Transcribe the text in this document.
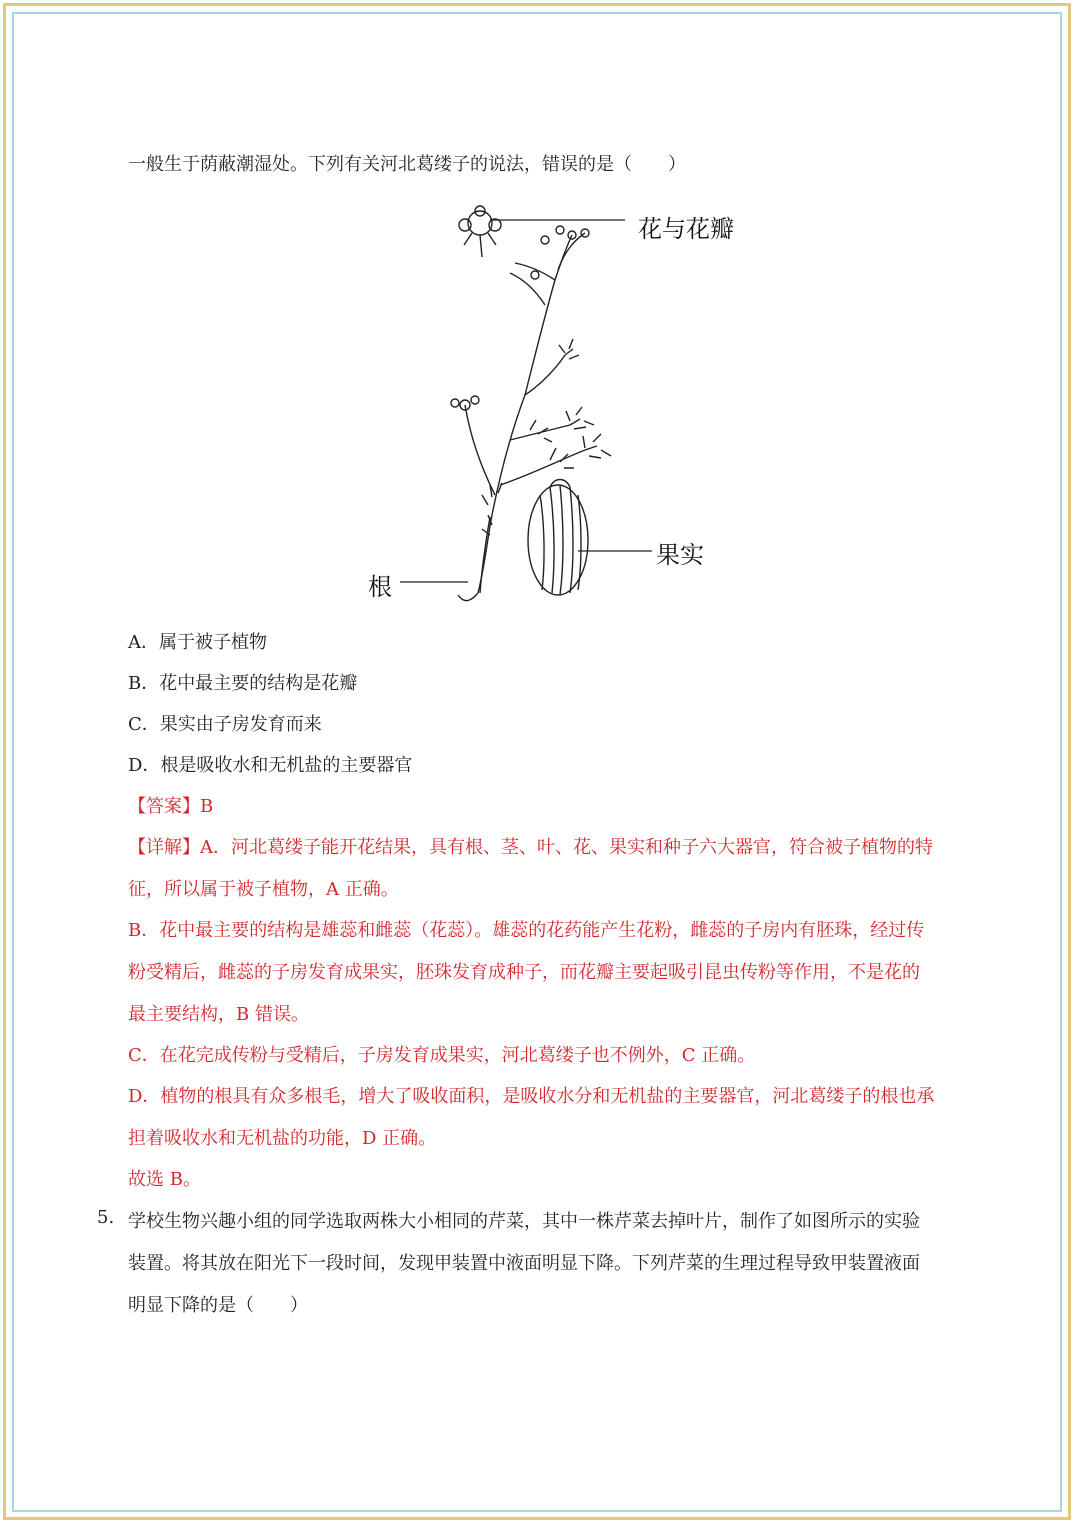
一般生于荫蔽潮湿处。下列有关河北葛缕子的说法，错误的是（　　）
花与花瓣
果实
根
A．属于被子植物
B．花中最主要的结构是花瓣
C．果实由子房发育而来
D．根是吸收水和无机盐的主要器官
【答案】B
【详解】A．河北葛缕子能开花结果，具有根、茎、叶、花、果实和种子六大器官，符合被子植物的特
征，所以属于被子植物，A 正确。
B．花中最主要的结构是雄蕊和雌蕊（花蕊）。雄蕊的花药能产生花粉，雌蕊的子房内有胚珠，经过传
粉受精后，雌蕊的子房发育成果实，胚珠发育成种子，而花瓣主要起吸引昆虫传粉等作用，不是花的
最主要结构，B 错误。
C．在花完成传粉与受精后，子房发育成果实，河北葛缕子也不例外，C 正确。
D．植物的根具有众多根毛，增大了吸收面积，是吸收水分和无机盐的主要器官，河北葛缕子的根也承
担着吸收水和无机盐的功能，D 正确。
故选 B。
5. 学校生物兴趣小组的同学选取两株大小相同的芹菜，其中一株芹菜去掉叶片，制作了如图所示的实验
装置。将其放在阳光下一段时间，发现甲装置中液面明显下降。下列芹菜的生理过程导致甲装置液面
明显下降的是（　　）
